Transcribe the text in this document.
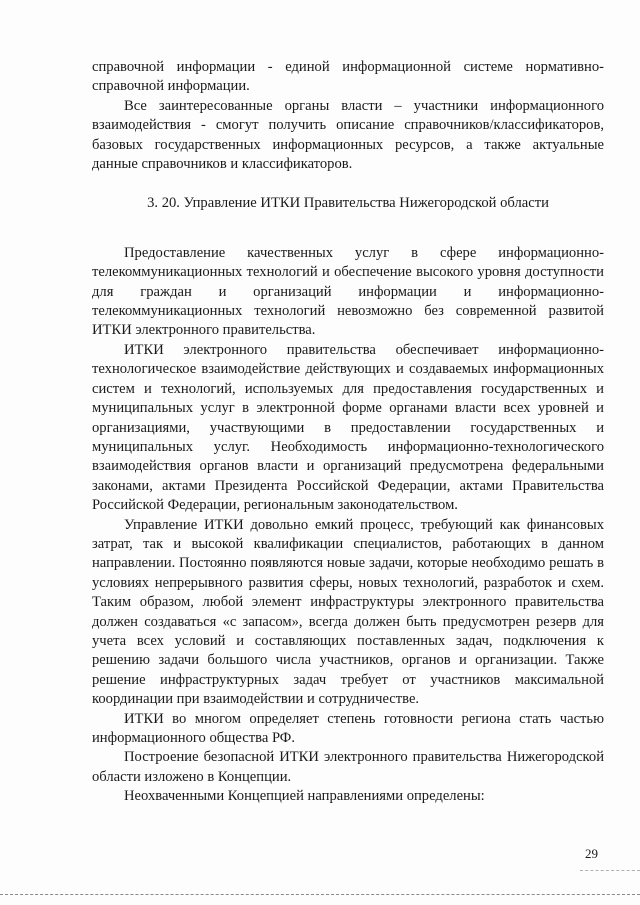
справочной информации - единой информационной системе нормативно-справочной информации.

Все заинтересованные органы власти – участники информационного взаимодействия - смогут получить описание справочников/классификаторов, базовых государственных информационных ресурсов, а также актуальные данные справочников и классификаторов.

3. 20. Управление ИТКИ Правительства Нижегородской области

Предоставление качественных услуг в сфере информационно-телекоммуникационных технологий и обеспечение высокого уровня доступности для граждан и организаций информации и информационно-телекоммуникационных технологий невозможно без современной развитой ИТКИ электронного правительства.

ИТКИ электронного правительства обеспечивает информационно-технологическое взаимодействие действующих и создаваемых информационных систем и технологий, используемых для предоставления государственных и муниципальных услуг в электронной форме органами власти всех уровней и организациями, участвующими в предоставлении государственных и муниципальных услуг. Необходимость информационно-технологического взаимодействия органов власти и организаций предусмотрена федеральными законами, актами Президента Российской Федерации, актами Правительства Российской Федерации, региональным законодательством.

Управление ИТКИ довольно емкий процесс, требующий как финансовых затрат, так и высокой квалификации специалистов, работающих в данном направлении. Постоянно появляются новые задачи, которые необходимо решать в условиях непрерывного развития сферы, новых технологий, разработок и схем. Таким образом, любой элемент инфраструктуры электронного правительства должен создаваться «с запасом», всегда должен быть предусмотрен резерв для учета всех условий и составляющих поставленных задач, подключения к решению задачи большого числа участников, органов и организации. Также решение инфраструктурных задач требует от участников максимальной координации при взаимодействии и сотрудничестве.

ИТКИ во многом определяет степень готовности региона стать частью информационного общества РФ.

Построение безопасной ИТКИ электронного правительства Нижегородской области изложено в Концепции.

Неохваченными Концепцией направлениями определены:

29
